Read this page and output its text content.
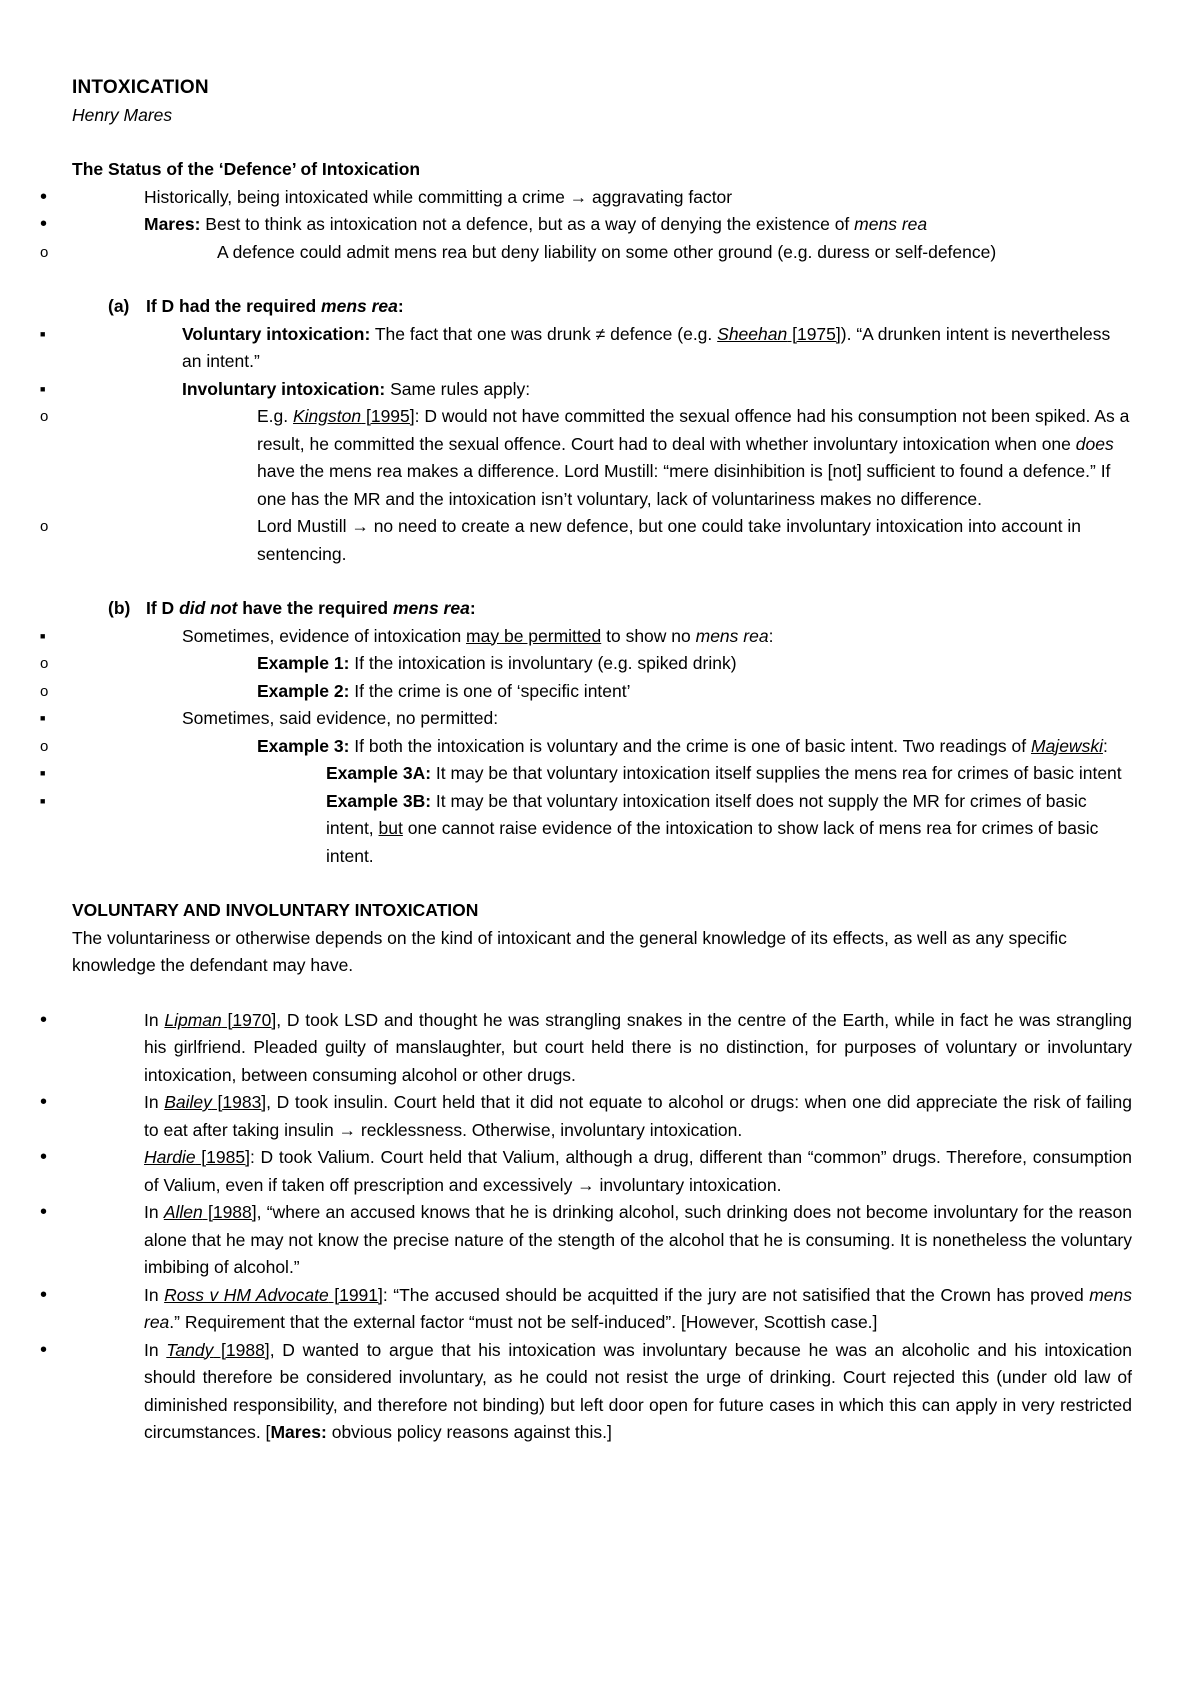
INTOXICATION

Henry Mares

The Status of the ‘Defence’ of Intoxication

• Historically, being intoxicated while committing a crime → aggravating factor
• Mares: Best to think as intoxication not a defence, but as a way of denying the existence of mens rea
o A defence could admit mens rea but deny liability on some other ground (e.g. duress or self-defence)
(a) If D had the required mens rea:
■ Voluntary intoxication: The fact that one was drunk ≠ defence (e.g. Sheehan [1975]). “A drunken intent is nevertheless an intent.”
■ Involuntary intoxication: Same rules apply:
o E.g. Kingston [1995]: D would not have committed the sexual offence had his consumption not been spiked. As a result, he committed the sexual offence. Court had to deal with whether involuntary intoxication when one does have the mens rea makes a difference. Lord Mustill: “mere disinhibition is [not] sufficient to found a defence.” If one has the MR and the intoxication isn’t voluntary, lack of voluntariness makes no difference.
o Lord Mustill → no need to create a new defence, but one could take involuntary intoxication into account in sentencing.
(b) If D did not have the required mens rea:
■ Sometimes, evidence of intoxication may be permitted to show no mens rea:
o Example 1: If the intoxication is involuntary (e.g. spiked drink)
o Example 2: If the crime is one of ‘specific intent’
■ Sometimes, said evidence, no permitted:
o Example 3: If both the intoxication is voluntary and the crime is one of basic intent. Two readings of Majewski:
■ Example 3A: It may be that voluntary intoxication itself supplies the mens rea for crimes of basic intent
■ Example 3B: It may be that voluntary intoxication itself does not supply the MR for crimes of basic intent, but one cannot raise evidence of the intoxication to show lack of mens rea for crimes of basic intent.

VOLUNTARY AND INVOLUNTARY INTOXICATION

The voluntariness or otherwise depends on the kind of intoxicant and the general knowledge of its effects, as well as any specific knowledge the defendant may have.

• In Lipman [1970], D took LSD and thought he was strangling snakes in the centre of the Earth, while in fact he was strangling his girlfriend. Pleaded guilty of manslaughter, but court held there is no distinction, for purposes of voluntary or involuntary intoxication, between consuming alcohol or other drugs.
• In Bailey [1983], D took insulin. Court held that it did not equate to alcohol or drugs: when one did appreciate the risk of failing to eat after taking insulin → recklessness. Otherwise, involuntary intoxication.
• Hardie [1985]: D took Valium. Court held that Valium, although a drug, different than “common” drugs. Therefore, consumption of Valium, even if taken off prescription and excessively → involuntary intoxication.
• In Allen [1988], “where an accused knows that he is drinking alcohol, such drinking does not become involuntary for the reason alone that he may not know the precise nature of the stength of the alcohol that he is consuming. It is nonetheless the voluntary imbibing of alcohol.”
• In Ross v HM Advocate [1991]: “The accused should be acquitted if the jury are not satisified that the Crown has proved mens rea.” Requirement that the external factor “must not be self-induced”. [However, Scottish case.]
• In Tandy [1988], D wanted to argue that his intoxication was involuntary because he was an alcoholic and his intoxication should therefore be considered involuntary, as he could not resist the urge of drinking. Court rejected this (under old law of diminished responsibility, and therefore not binding) but left door open for future cases in which this can apply in very restricted circumstances. [Mares: obvious policy reasons against this.]
